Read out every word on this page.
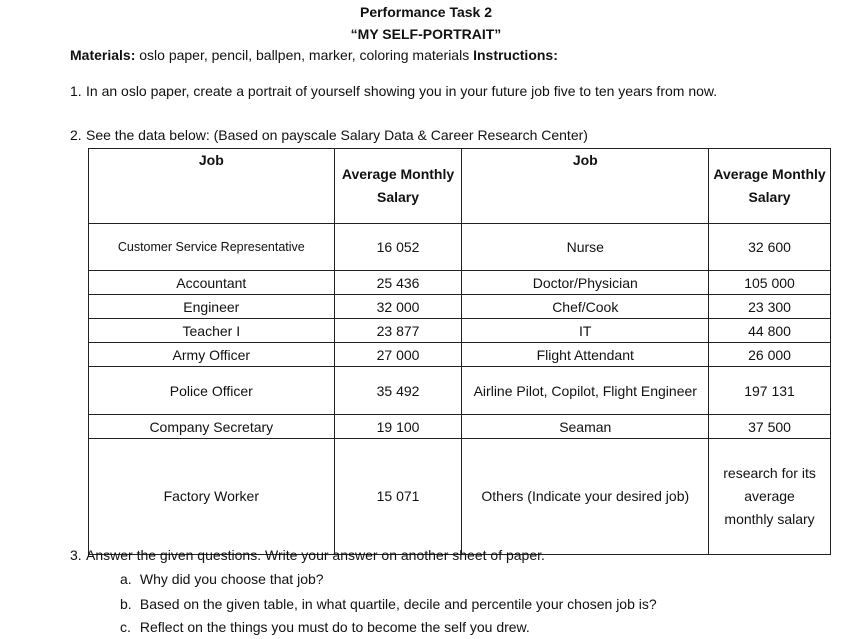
Performance Task 2
“MY SELF-PORTRAIT”
Materials: oslo paper, pencil, ballpen, marker, coloring materials Instructions:
1. In an oslo paper, create a portrait of yourself showing you in your future job five to ten years from now.
2. See the data below: (Based on payscale Salary Data & Career Research Center)
Job	Average Monthly Salary	Job	Average Monthly Salary
Customer Service Representative	16 052	Nurse	32 600
Accountant	25 436	Doctor/Physician	105 000
Engineer	32 000	Chef/Cook	23 300
Teacher I	23 877	IT	44 800
Army Officer	27 000	Flight Attendant	26 000
Police Officer	35 492	Airline Pilot, Copilot, Flight Engineer	197 131
Company Secretary	19 100	Seaman	37 500
Factory Worker	15 071	Others (Indicate your desired job)	research for its average monthly salary
3. Answer the given questions. Write your answer on another sheet of paper.
a. Why did you choose that job?
b. Based on the given table, in what quartile, decile and percentile your chosen job is?
c. Reflect on the things you must do to become the self you drew.
